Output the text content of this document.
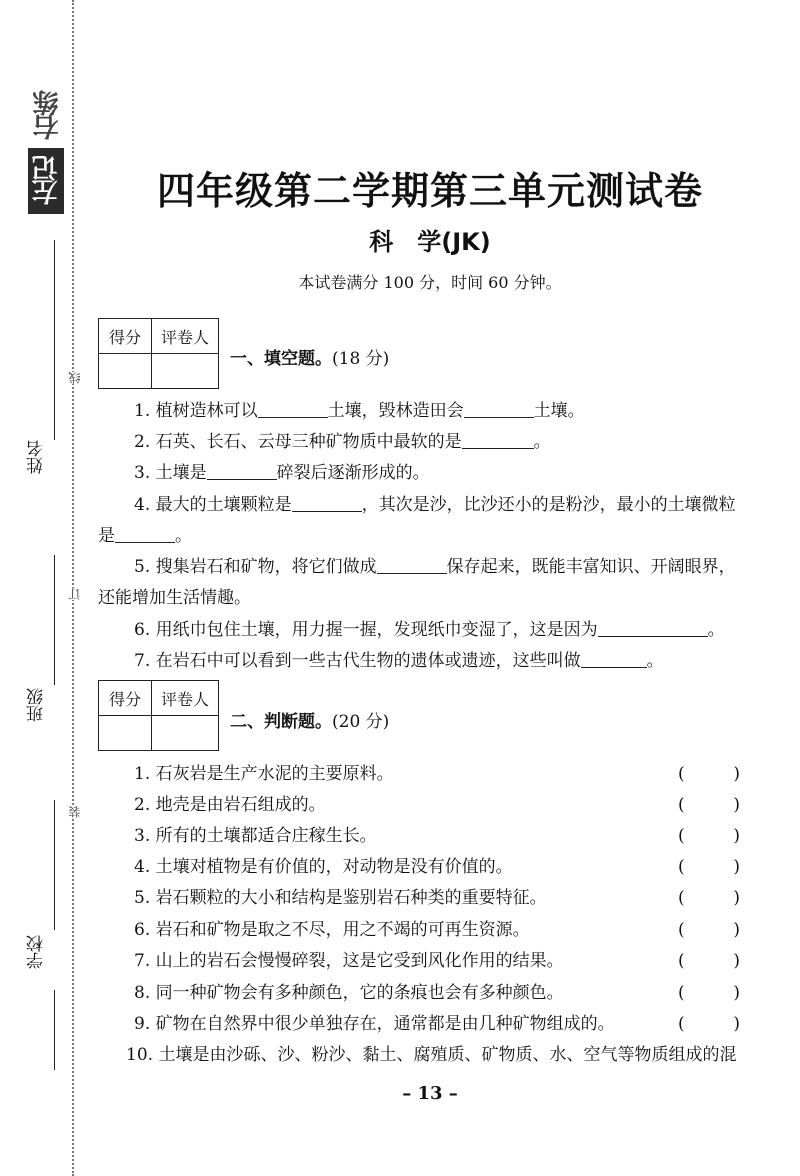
右练
左记
姓名
班级
学校
线
订
装
四年级第二学期第三单元测试卷
科　学(JK)
本试卷满分 100 分，时间 60 分钟。
得分	评卷人

一、填空题。(18 分)
1. 植树造林可以	土壤，毁林造田会	土壤。
2. 石英、长石、云母三种矿物质中最软的是	。
3. 土壤是	碎裂后逐渐形成的。
4. 最大的土壤颗粒是	，其次是沙，比沙还小的是粉沙，最小的土壤微粒是	。
5. 搜集岩石和矿物，将它们做成	保存起来，既能丰富知识、开阔眼界，还能增加生活情趣。
6. 用纸巾包住土壤，用力握一握，发现纸巾变湿了，这是因为	。
7. 在岩石中可以看到一些古代生物的遗体或遗迹，这些叫做	。
得分	评卷人

二、判断题。(20 分)
1. 石灰岩是生产水泥的主要原料。	(	)
2. 地壳是由岩石组成的。	(	)
3. 所有的土壤都适合庄稼生长。	(	)
4. 土壤对植物是有价值的，对动物是没有价值的。	(	)
5. 岩石颗粒的大小和结构是鉴别岩石种类的重要特征。	(	)
6. 岩石和矿物是取之不尽，用之不竭的可再生资源。	(	)
7. 山上的岩石会慢慢碎裂，这是它受到风化作用的结果。	(	)
8. 同一种矿物会有多种颜色，它的条痕也会有多种颜色。	(	)
9. 矿物在自然界中很少单独存在，通常都是由几种矿物组成的。	(	)
10. 土壤是由沙砾、沙、粉沙、黏土、腐殖质、矿物质、水、空气等物质组成的混
– 13 –
